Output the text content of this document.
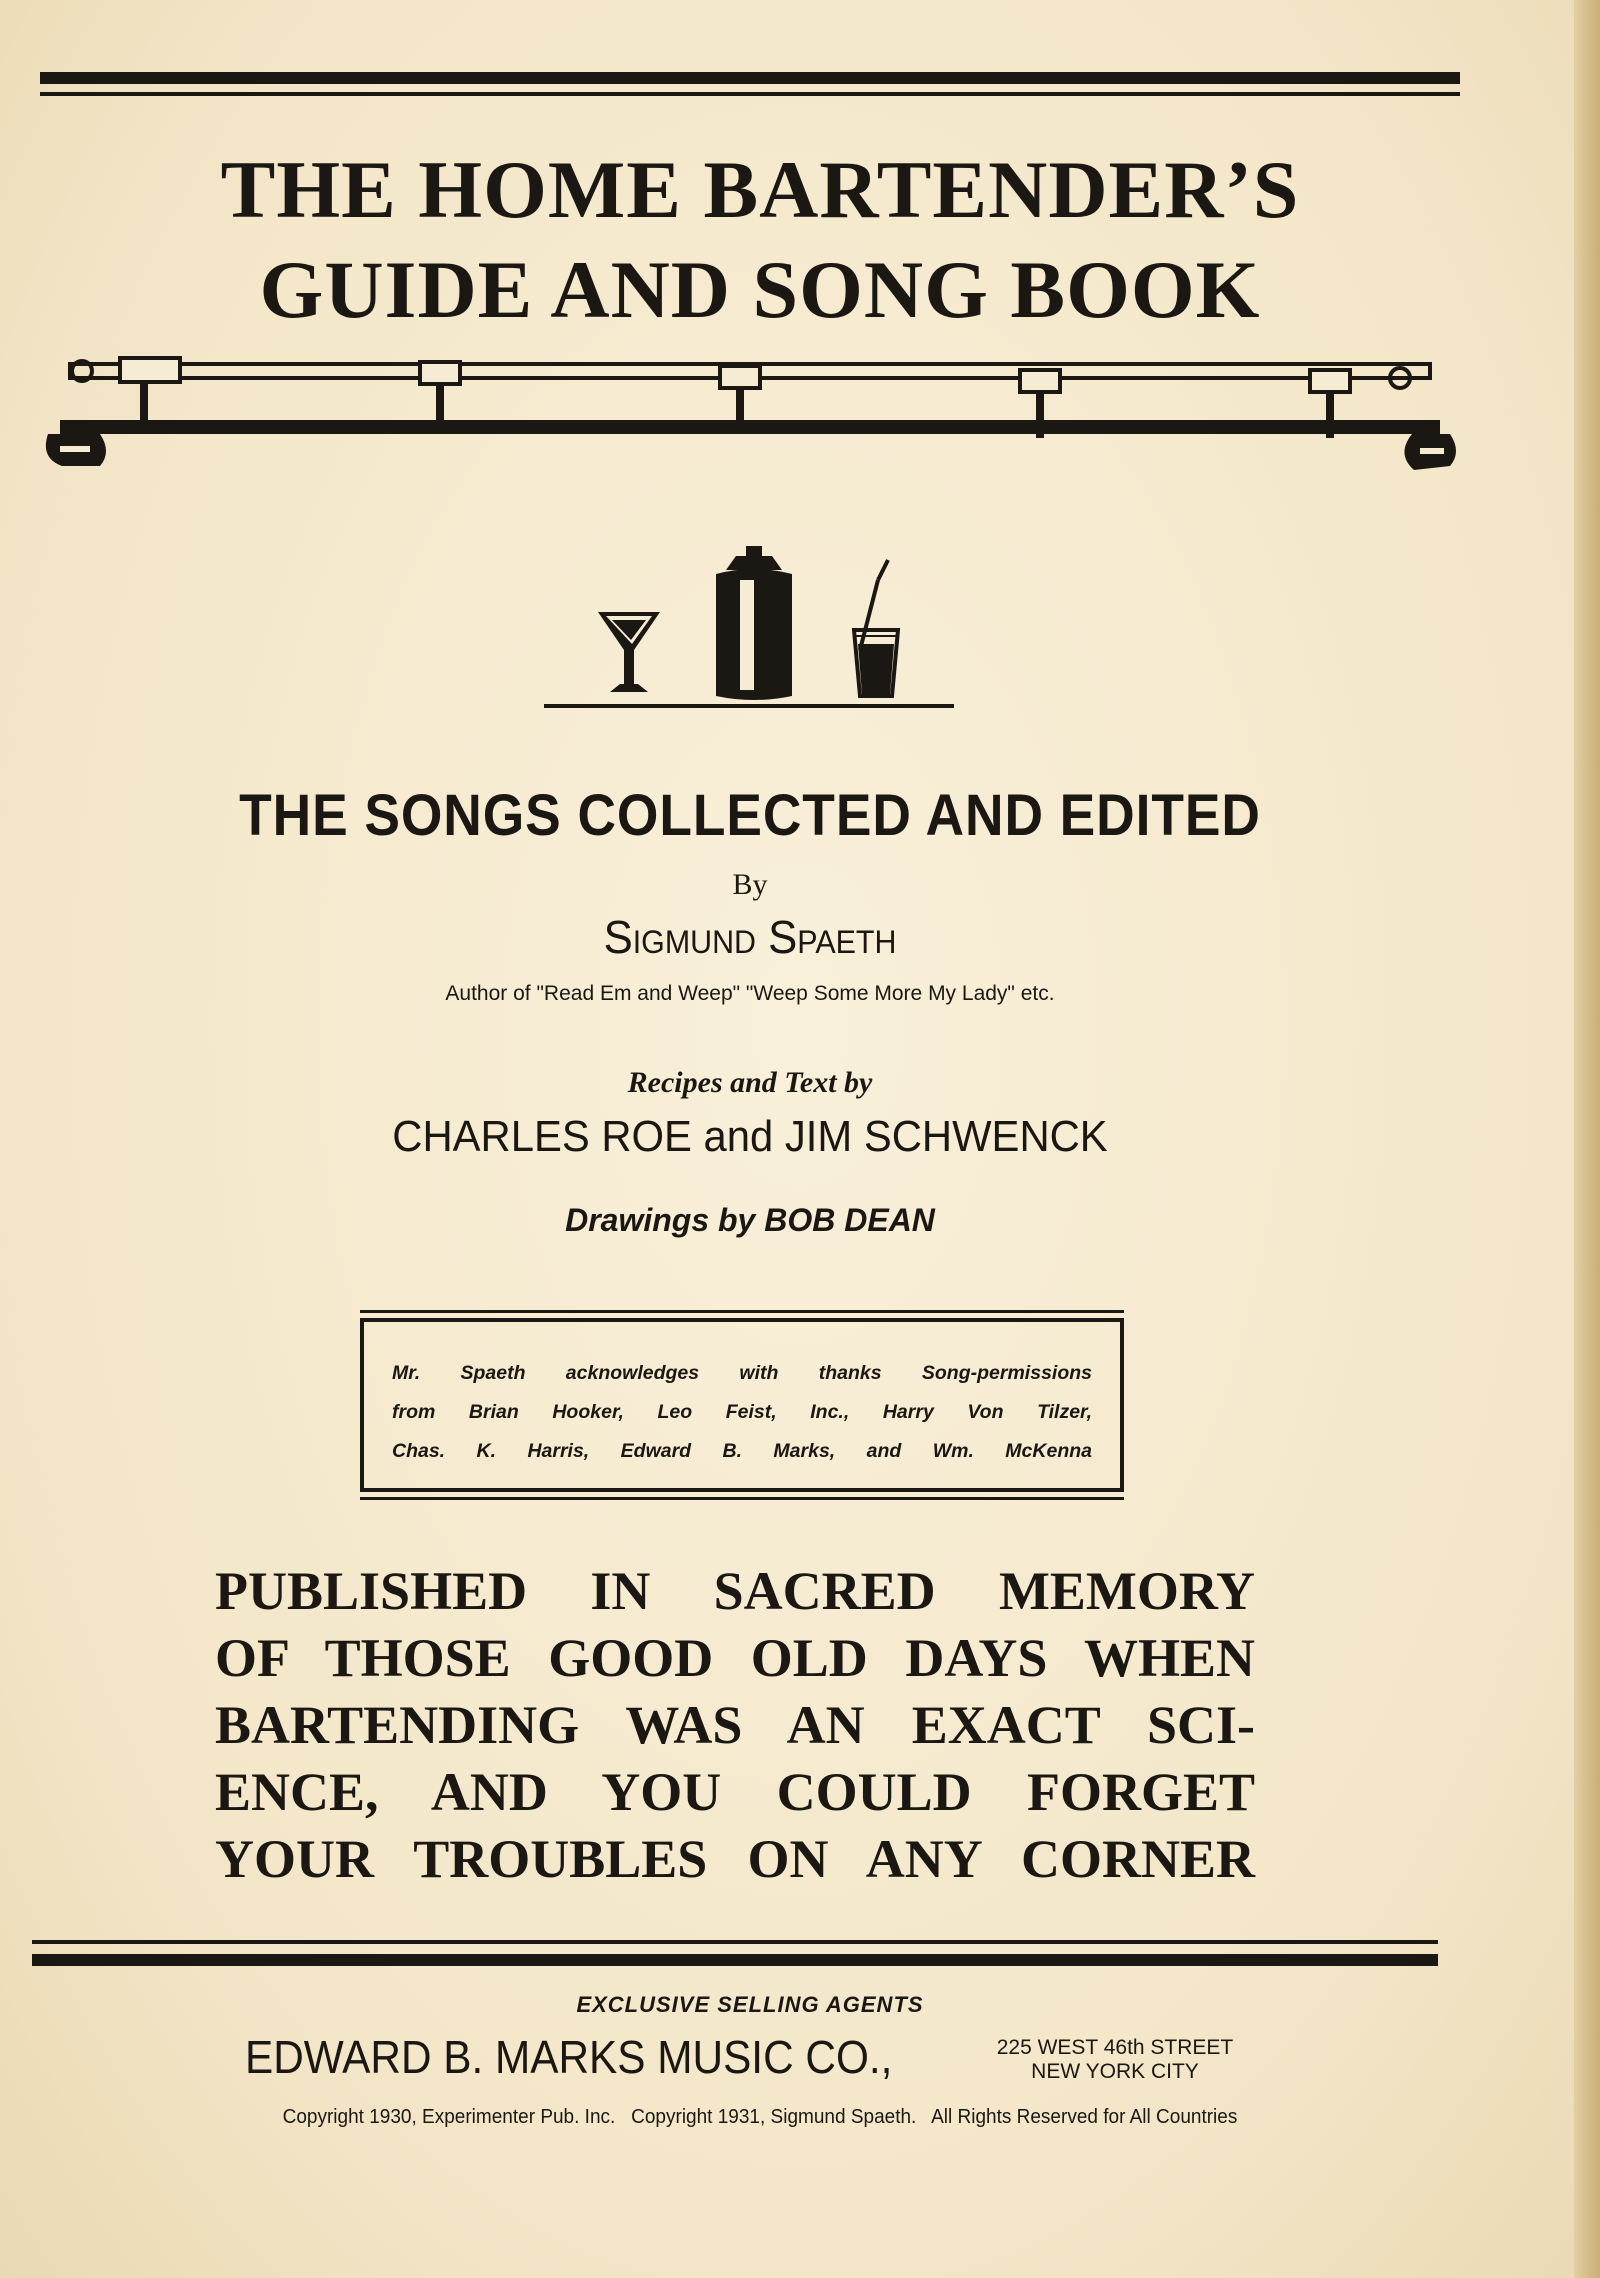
THE HOME BARTENDER’S
GUIDE AND SONG BOOK
THE SONGS COLLECTED AND EDITED
By
Sigmund Spaeth
Author of "Read Em and Weep" "Weep Some More My Lady" etc.
Recipes and Text by
CHARLES ROE and JIM SCHWENCK
Drawings by BOB DEAN
Mr. Spaeth acknowledges with thanks Song-permissions
from Brian Hooker, Leo Feist, Inc., Harry Von Tilzer,
Chas. K. Harris, Edward B. Marks, and Wm. McKenna
PUBLISHED IN SACRED MEMORY
OF THOSE GOOD OLD DAYS WHEN
BARTENDING WAS AN EXACT SCI-
ENCE, AND YOU COULD FORGET
YOUR TROUBLES ON ANY CORNER
EXCLUSIVE SELLING AGENTS
EDWARD B. MARKS MUSIC CO.,	225 WEST 46th STREET
NEW YORK CITY
Copyright 1930, Experimenter Pub. Inc.   Copyright 1931, Sigmund Spaeth.   All Rights Reserved for All Countries
